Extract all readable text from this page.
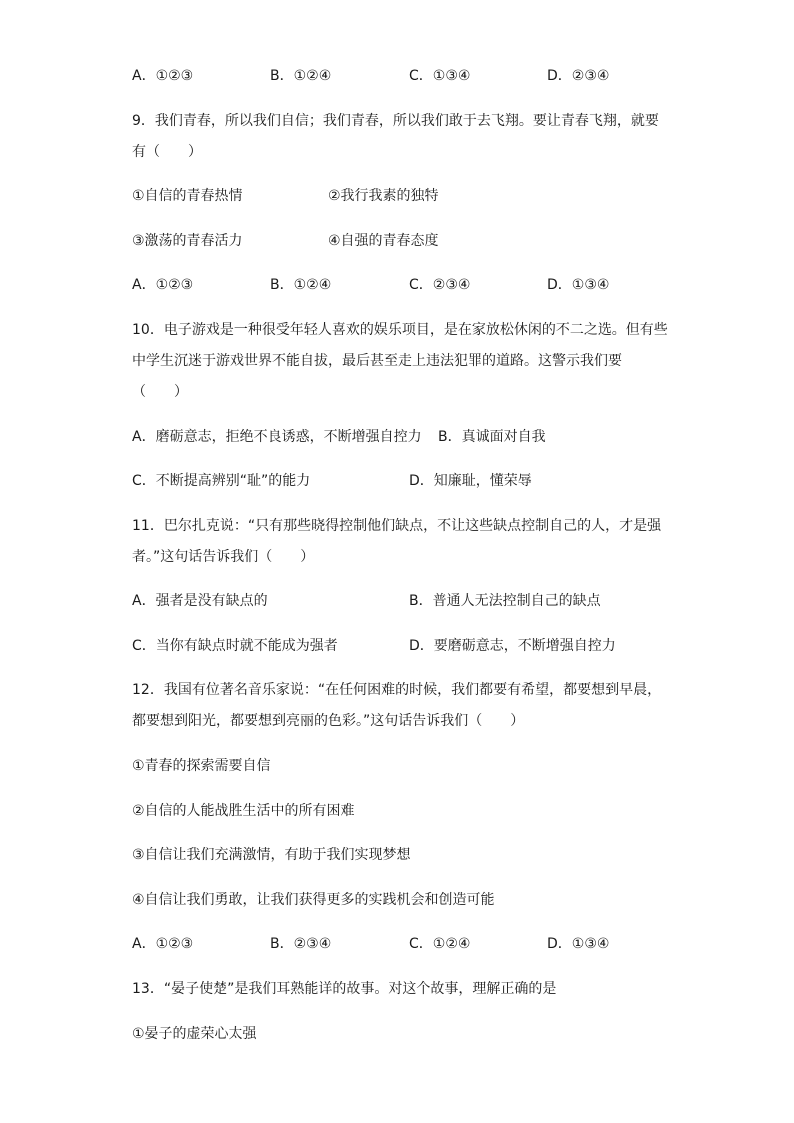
A．①②③	B．①②④	C．①③④	D．②③④
9．我们青春，所以我们自信；我们青春，所以我们敢于去飞翔。要让青春飞翔，就要
有（　　）
①自信的青春热情	②我行我素的独特
③激荡的青春活力	④自强的青春态度
A．①②③	B．①②④	C．②③④	D．①③④
10．电子游戏是一种很受年轻人喜欢的娱乐项目，是在家放松休闲的不二之选。但有些
中学生沉迷于游戏世界不能自拔，最后甚至走上违法犯罪的道路。这警示我们要
（　　）
A．磨砺意志，拒绝不良诱惑，不断增强自控力 B．真诚面对自我
C．不断提高辨别“耻”的能力	D．知廉耻，懂荣辱
11．巴尔扎克说：“只有那些晓得控制他们缺点，不让这些缺点控制自己的人，才是强
者。”这句话告诉我们（　　）
A．强者是没有缺点的	B．普通人无法控制自己的缺点
C．当你有缺点时就不能成为强者	D．要磨砺意志，不断增强自控力
12．我国有位著名音乐家说：“在任何困难的时候，我们都要有希望，都要想到早晨，
都要想到阳光，都要想到亮丽的色彩。”这句话告诉我们（　　）
①青春的探索需要自信
②自信的人能战胜生活中的所有困难
③自信让我们充满激情，有助于我们实现梦想
④自信让我们勇敢，让我们获得更多的实践机会和创造可能
A．①②③	B．②③④	C．①②④	D．①③④
13．“晏子使楚”是我们耳熟能详的故事。对这个故事，理解正确的是
①晏子的虚荣心太强
